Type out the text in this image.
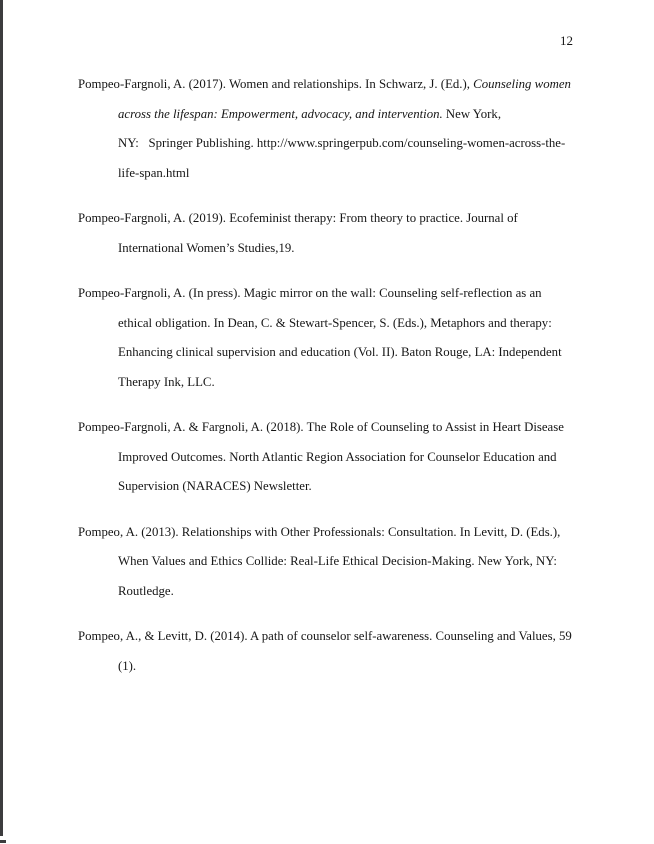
12
Pompeo-Fargnoli, A. (2017). Women and relationships. In Schwarz, J. (Ed.), Counseling women
across the lifespan: Empowerment, advocacy, and intervention. New York,
NY:   Springer Publishing. http://www.springerpub.com/counseling-women-across-the-
life-span.html
Pompeo-Fargnoli, A. (2019). Ecofeminist therapy: From theory to practice. Journal of
International Women’s Studies,19.
Pompeo-Fargnoli, A. (In press). Magic mirror on the wall: Counseling self-reflection as an
ethical obligation. In Dean, C. & Stewart-Spencer, S. (Eds.), Metaphors and therapy:
Enhancing clinical supervision and education (Vol. II). Baton Rouge, LA: Independent
Therapy Ink, LLC.
Pompeo-Fargnoli, A. & Fargnoli, A. (2018). The Role of Counseling to Assist in Heart Disease
Improved Outcomes. North Atlantic Region Association for Counselor Education and
Supervision (NARACES) Newsletter.
Pompeo, A. (2013). Relationships with Other Professionals: Consultation. In Levitt, D. (Eds.),
When Values and Ethics Collide: Real-Life Ethical Decision-Making. New York, NY:
Routledge.
Pompeo, A., & Levitt, D. (2014). A path of counselor self-awareness. Counseling and Values, 59
(1).
